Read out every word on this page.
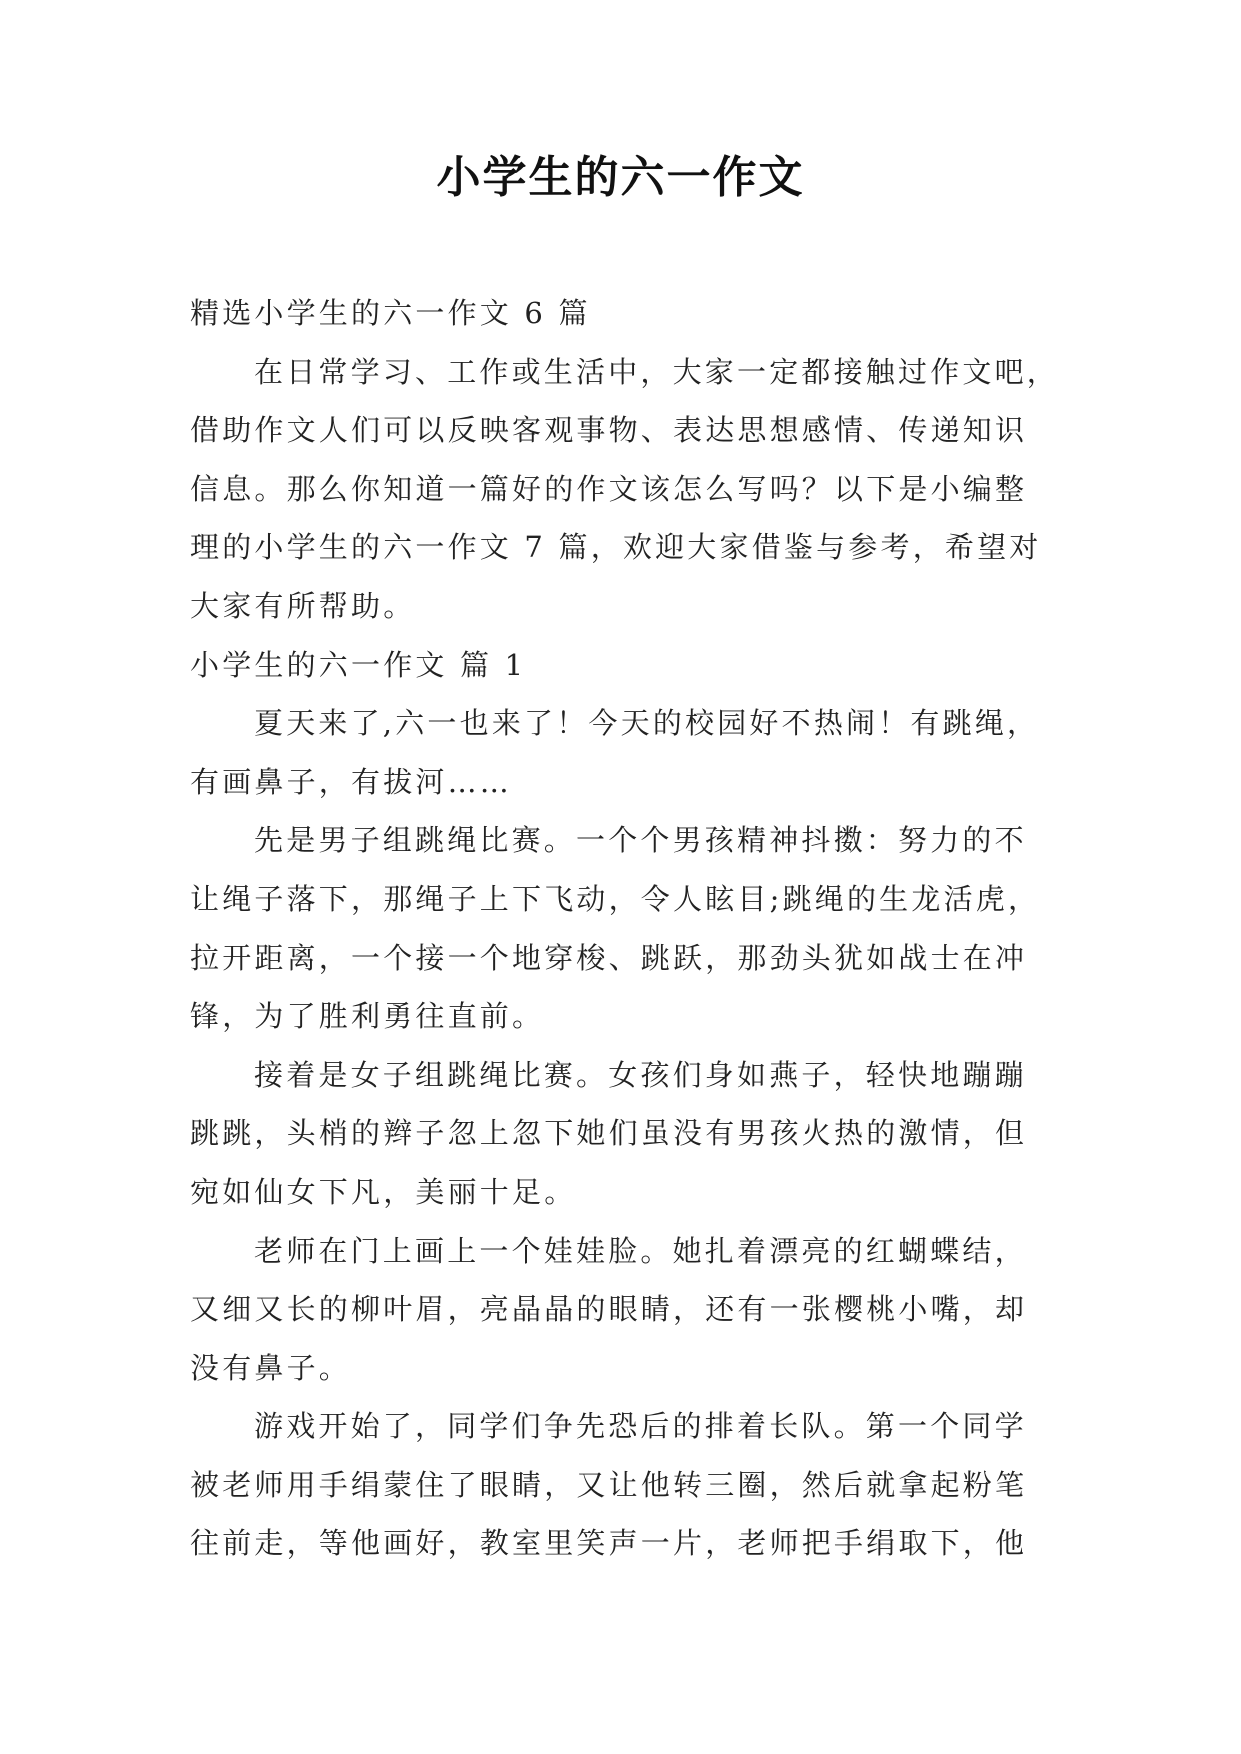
小学生的六一作文
精选小学生的六一作文 6 篇
在日常学习、工作或生活中，大家一定都接触过作文吧，
借助作文人们可以反映客观事物、表达思想感情、传递知识
信息。那么你知道一篇好的作文该怎么写吗？以下是小编整
理的小学生的六一作文 7 篇，欢迎大家借鉴与参考，希望对
大家有所帮助。
小学生的六一作文 篇 1
夏天来了,六一也来了！今天的校园好不热闹！有跳绳，
有画鼻子，有拔河……
先是男子组跳绳比赛。一个个男孩精神抖擞：努力的不
让绳子落下，那绳子上下飞动，令人眩目;跳绳的生龙活虎，
拉开距离，一个接一个地穿梭、跳跃，那劲头犹如战士在冲
锋，为了胜利勇往直前。
接着是女子组跳绳比赛。女孩们身如燕子，轻快地蹦蹦
跳跳，头梢的辫子忽上忽下她们虽没有男孩火热的激情，但
宛如仙女下凡，美丽十足。
老师在门上画上一个娃娃脸。她扎着漂亮的红蝴蝶结，
又细又长的柳叶眉，亮晶晶的眼睛，还有一张樱桃小嘴，却
没有鼻子。
游戏开始了，同学们争先恐后的排着长队。第一个同学
被老师用手绢蒙住了眼睛，又让他转三圈，然后就拿起粉笔
往前走，等他画好，教室里笑声一片，老师把手绢取下，他
